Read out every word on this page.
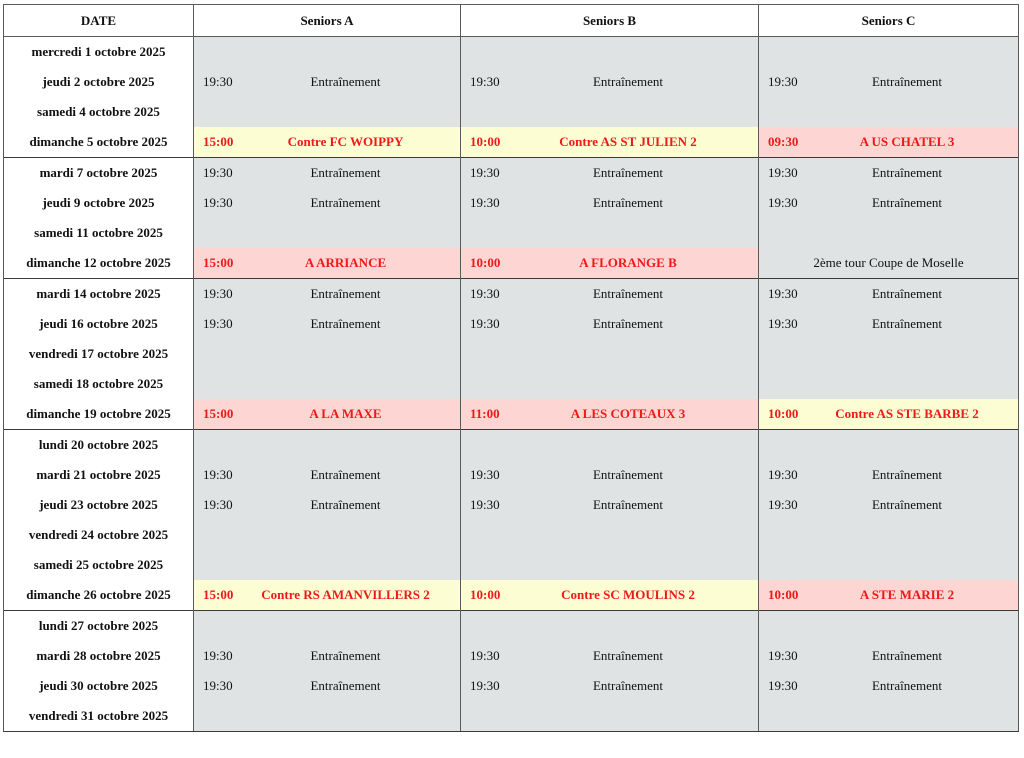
DATE	Seniors A	Seniors B	Seniors C
mercredi 1 octobre 2025			
jeudi 2 octobre 2025	19:30 Entraînement	19:30 Entraînement	19:30 Entraînement

samedi 4 octobre 2025			
dimanche 5 octobre 2025	15:00 Contre FC WOIPPY	10:00 Contre AS ST JULIEN 2	09:30 A US CHATEL 3

mardi 7 octobre 2025	19:30 Entraînement	19:30 Entraînement	19:30 Entraînement

jeudi 9 octobre 2025	19:30 Entraînement	19:30 Entraînement	19:30 Entraînement

samedi 11 octobre 2025			
dimanche 12 octobre 2025	15:00 A ARRIANCE	10:00 A FLORANGE B	2ème tour Coupe de Moselle

mardi 14 octobre 2025	19:30 Entraînement	19:30 Entraînement	19:30 Entraînement

jeudi 16 octobre 2025	19:30 Entraînement	19:30 Entraînement	19:30 Entraînement

vendredi 17 octobre 2025			
samedi 18 octobre 2025			
dimanche 19 octobre 2025	15:00 A LA MAXE	11:00 A LES COTEAUX 3	10:00 Contre AS STE BARBE 2

lundi 20 octobre 2025			
mardi 21 octobre 2025	19:30 Entraînement	19:30 Entraînement	19:30 Entraînement

jeudi 23 octobre 2025	19:30 Entraînement	19:30 Entraînement	19:30 Entraînement

vendredi 24 octobre 2025			
samedi 25 octobre 2025			
dimanche 26 octobre 2025	15:00 Contre RS AMANVILLERS 2	10:00 Contre SC MOULINS 2	10:00 A STE MARIE 2

lundi 27 octobre 2025			
mardi 28 octobre 2025	19:30 Entraînement	19:30 Entraînement	19:30 Entraînement

jeudi 30 octobre 2025	19:30 Entraînement	19:30 Entraînement	19:30 Entraînement

vendredi 31 octobre 2025			
